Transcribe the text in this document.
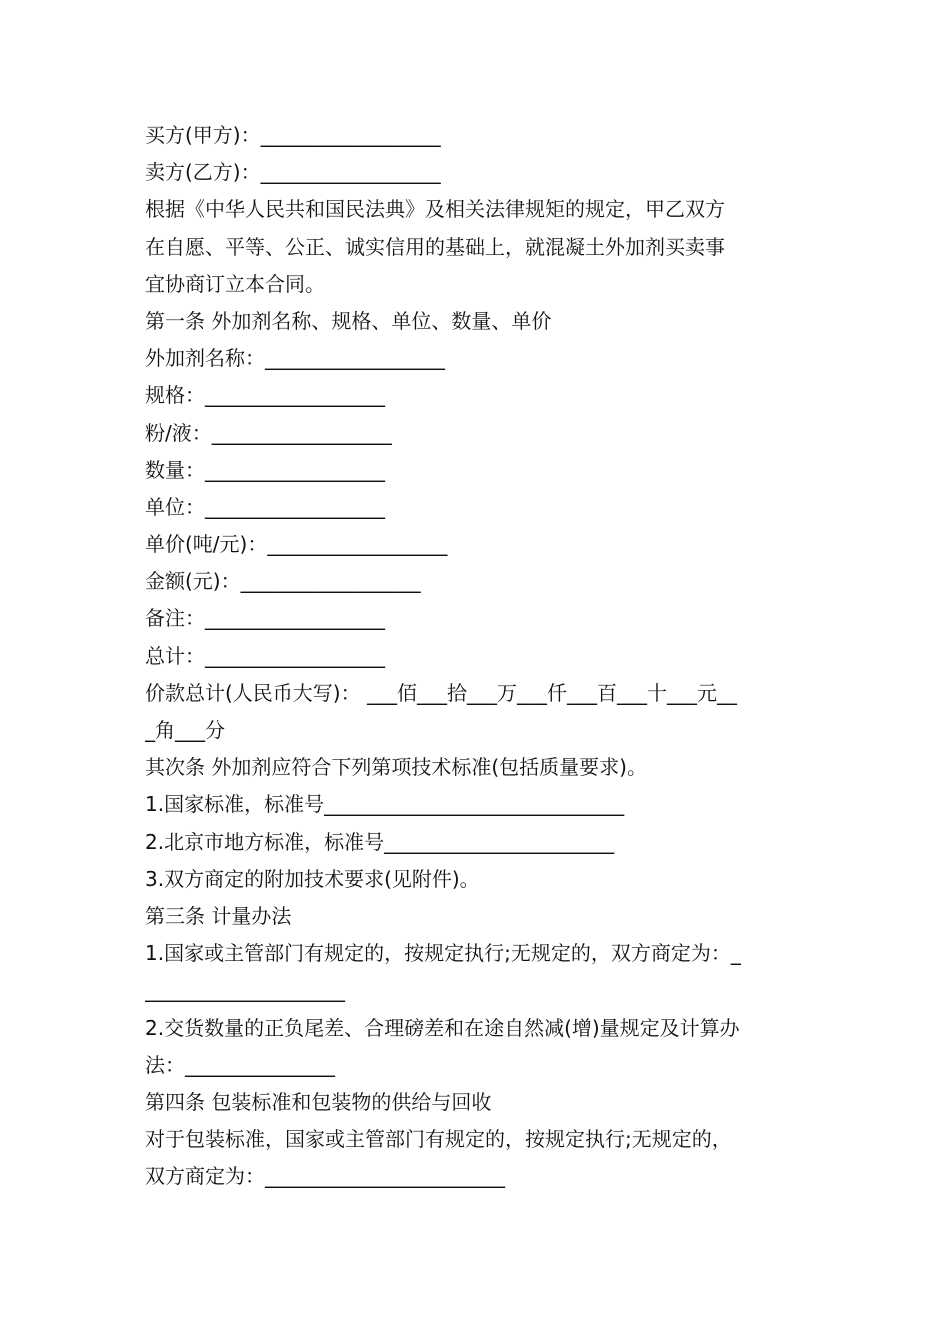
买方(甲方)：__________________
卖方(乙方)：__________________
根据《中华人民共和国民法典》及相关法律规矩的规定，甲乙双方
在自愿、平等、公正、诚实信用的基础上，就混凝土外加剂买卖事
宜协商订立本合同。
第一条 外加剂名称、规格、单位、数量、单价
外加剂名称：__________________
规格：__________________
粉/液：__________________
数量：__________________
单位：__________________
单价(吨/元)：__________________
金额(元)：__________________
备注：__________________
总计：__________________
价款总计(人民币大写)： ___佰___拾___万___仟___百___十___元__
_角___分
其次条 外加剂应符合下列第项技术标准(包括质量要求)。
1.国家标准，标准号______________________________
2.北京市地方标准，标准号_______________________
3.双方商定的附加技术要求(见附件)。
第三条 计量办法
1.国家或主管部门有规定的，按规定执行;无规定的，双方商定为：_
____________________
2.交货数量的正负尾差、合理磅差和在途自然减(增)量规定及计算办
法：_______________
第四条 包装标准和包装物的供给与回收
对于包装标准，国家或主管部门有规定的，按规定执行;无规定的，
双方商定为：________________________
